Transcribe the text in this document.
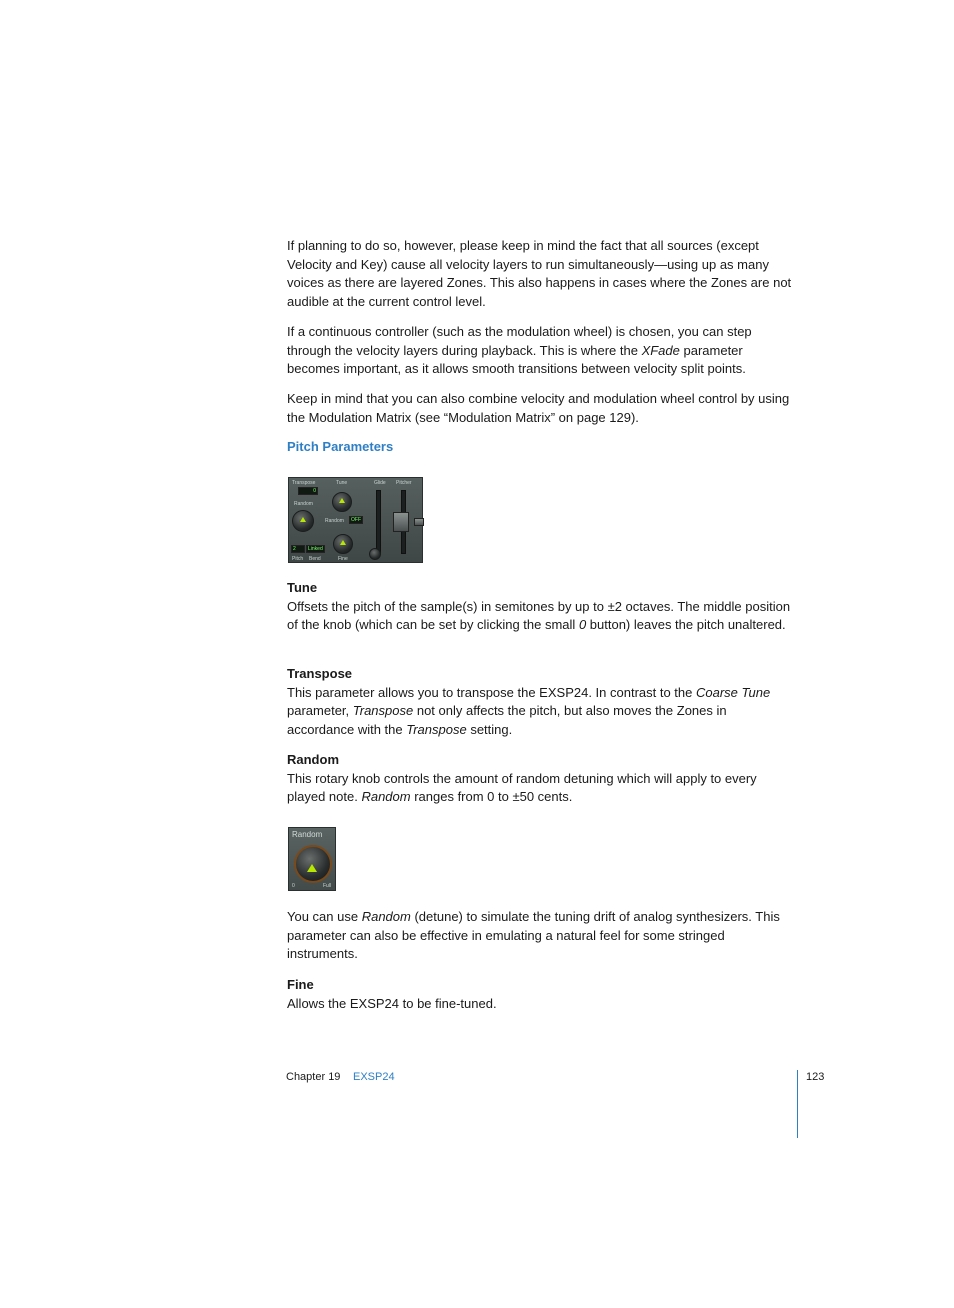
If planning to do so, however, please keep in mind the fact that all sources (except Velocity and Key) cause all velocity layers to run simultaneously—using up as many voices as there are layered Zones. This also happens in cases where the Zones are not audible at the current control level.

If a continuous controller (such as the modulation wheel) is chosen, you can step through the velocity layers during playback. This is where the XFade parameter becomes important, as it allows smooth transitions between velocity split points.

Keep in mind that you can also combine velocity and modulation wheel control by using the Modulation Matrix (see “Modulation Matrix” on page 129).

Pitch Parameters
Transpose
0
Tune	Glide Pitcher
Random
Random	OFF
2	Linked
Pitch Bend	Fine

Tune

Offsets the pitch of the sample(s) in semitones by up to ±2 octaves. The middle position of the knob (which can be set by clicking the small 0 button) leaves the pitch unaltered.

Transpose

This parameter allows you to transpose the EXSP24. In contrast to the Coarse Tune parameter, Transpose not only affects the pitch, but also moves the Zones in accordance with the Transpose setting.

Random

This rotary knob controls the amount of random detuning which will apply to every played note. Random ranges from 0 to ±50 cents.

Random
0	Full

You can use Random (detune) to simulate the tuning drift of analog synthesizers. This parameter can also be effective in emulating a natural feel for some stringed instruments.

Fine

Allows the EXSP24 to be fine-tuned.

Chapter 19 EXSP24	123
